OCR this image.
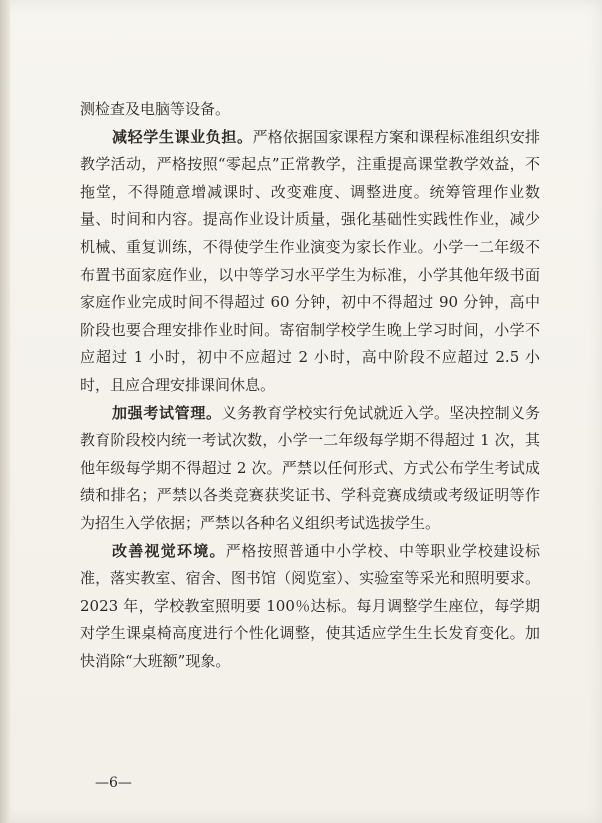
测检查及电脑等设备。

减轻学生课业负担。严格依据国家课程方案和课程标准组织安排教学活动，严格按照“零起点”正常教学，注重提高课堂教学效益，不拖堂，不得随意增减课时、改变难度、调整进度。统筹管理作业数量、时间和内容。提高作业设计质量，强化基础性实践性作业，减少机械、重复训练，不得使学生作业演变为家长作业。小学一二年级不布置书面家庭作业，以中等学习水平学生为标准，小学其他年级书面家庭作业完成时间不得超过 60 分钟，初中不得超过 90 分钟，高中阶段也要合理安排作业时间。寄宿制学校学生晚上学习时间，小学不应超过 1 小时，初中不应超过 2 小时，高中阶段不应超过 2.5 小时，且应合理安排课间休息。

加强考试管理。义务教育学校实行免试就近入学。坚决控制义务教育阶段校内统一考试次数，小学一二年级每学期不得超过 1 次，其他年级每学期不得超过 2 次。严禁以任何形式、方式公布学生考试成绩和排名；严禁以各类竞赛获奖证书、学科竞赛成绩或考级证明等作为招生入学依据；严禁以各种名义组织考试选拔学生。

改善视觉环境。严格按照普通中小学校、中等职业学校建设标准，落实教室、宿舍、图书馆（阅览室）、实验室等采光和照明要求。2023 年，学校教室照明要 100％达标。每月调整学生座位，每学期对学生课桌椅高度进行个性化调整，使其适应学生生长发育变化。加快消除“大班额”现象。

—6—
